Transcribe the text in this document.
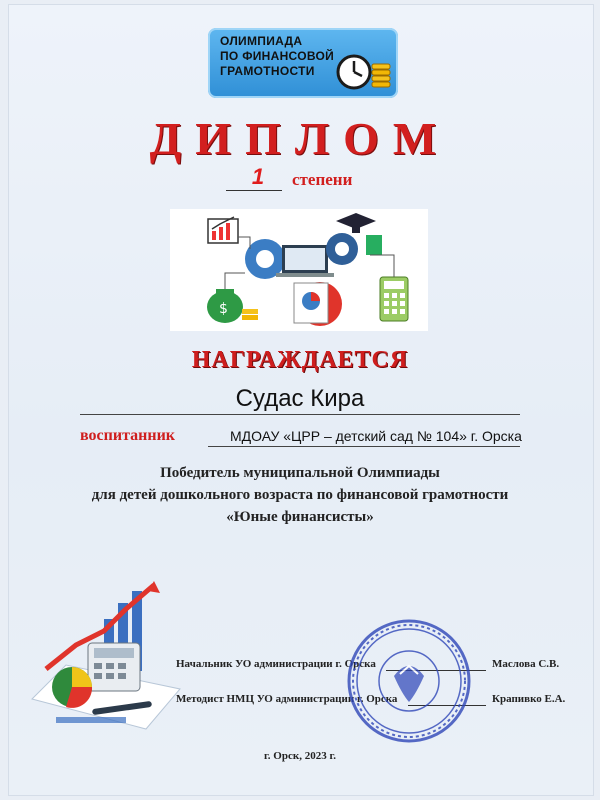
ОЛИМПИАДА
ПО ФИНАНСОВОЙ
ГРАМОТНОСТИ
ДИПЛОМ
1	степени
$
НАГРАЖДАЕТСЯ
Судас Кира
воспитанник	МДОАУ «ЦРР – детский сад № 104» г. Орска
Победитель муниципальной Олимпиады
для детей дошкольного возраста по финансовой грамотности
«Юные финансисты»
Начальник УО администрации г. Орска	Маслова С.В.
Методист НМЦ УО администрации г. Орска	Крапивко Е.А.
г. Орск, 2023 г.
